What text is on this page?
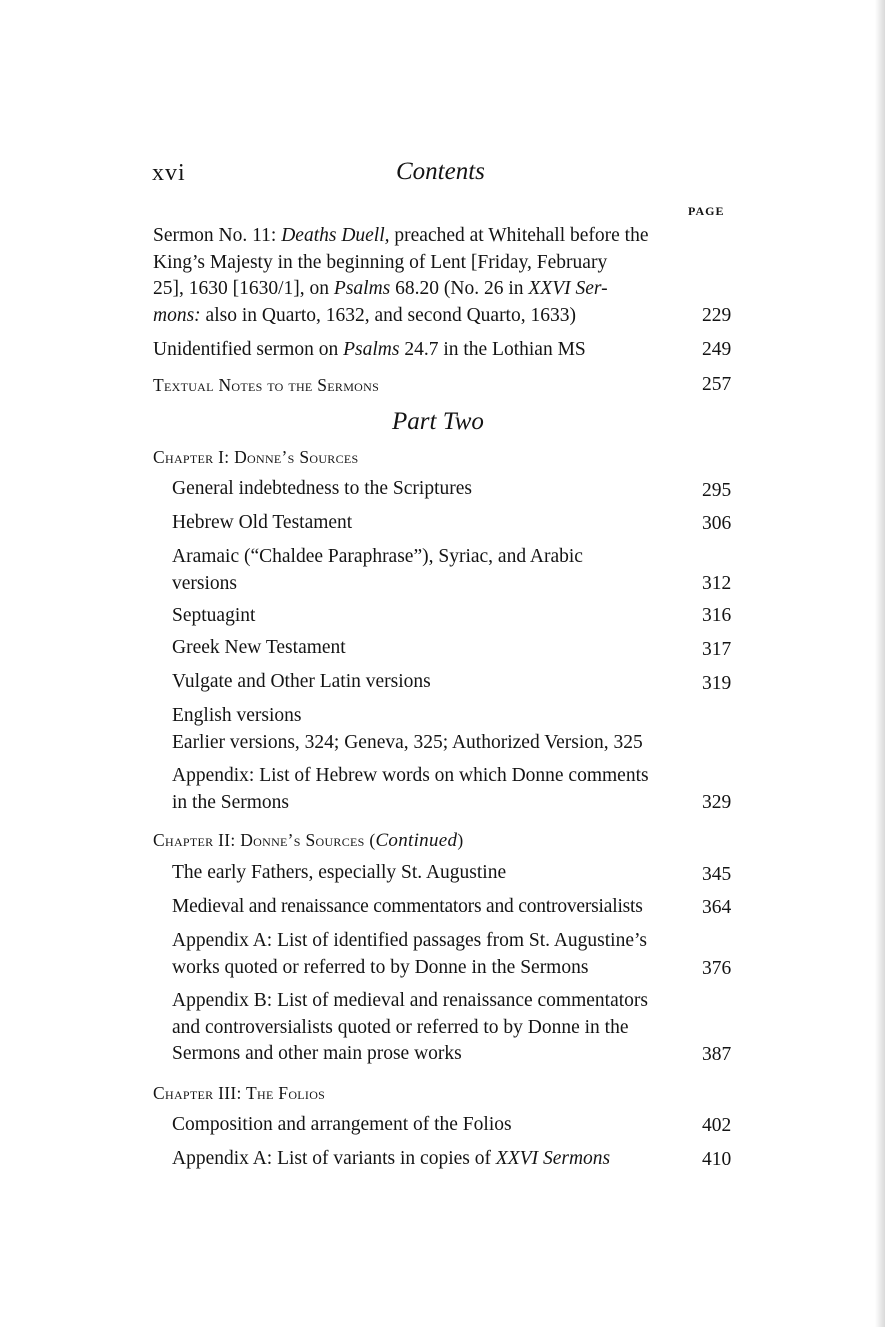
xvi	Contents
PAGE
Sermon No. 11: Deaths Duell, preached at Whitehall before the
King’s Majesty in the beginning of Lent [Friday, February
25], 1630 [1630/1], on Psalms 68.20 (No. 26 in XXVI Ser-
mons: also in Quarto, 1632, and second Quarto, 1633)	229
Unidentified sermon on Psalms 24.7 in the Lothian MS	249
Textual Notes to the Sermons	257
Part Two
Chapter I: Donne’s Sources
General indebtedness to the Scriptures	295
Hebrew Old Testament	306
Aramaic (“Chaldee Paraphrase”), Syriac, and Arabic
versions	312
Septuagint	316
Greek New Testament	317
Vulgate and Other Latin versions	319
English versions
Earlier versions, 324; Geneva, 325; Authorized Version, 325
Appendix: List of Hebrew words on which Donne comments
in the Sermons	329
Chapter II: Donne’s Sources (Continued)
The early Fathers, especially St. Augustine	345
Medieval and renaissance commentators and controversialists	364
Appendix A: List of identified passages from St. Augustine’s
works quoted or referred to by Donne in the Sermons	376
Appendix B: List of medieval and renaissance commentators
and controversialists quoted or referred to by Donne in the
Sermons and other main prose works	387
Chapter III: The Folios
Composition and arrangement of the Folios	402
Appendix A: List of variants in copies of XXVI Sermons	410
